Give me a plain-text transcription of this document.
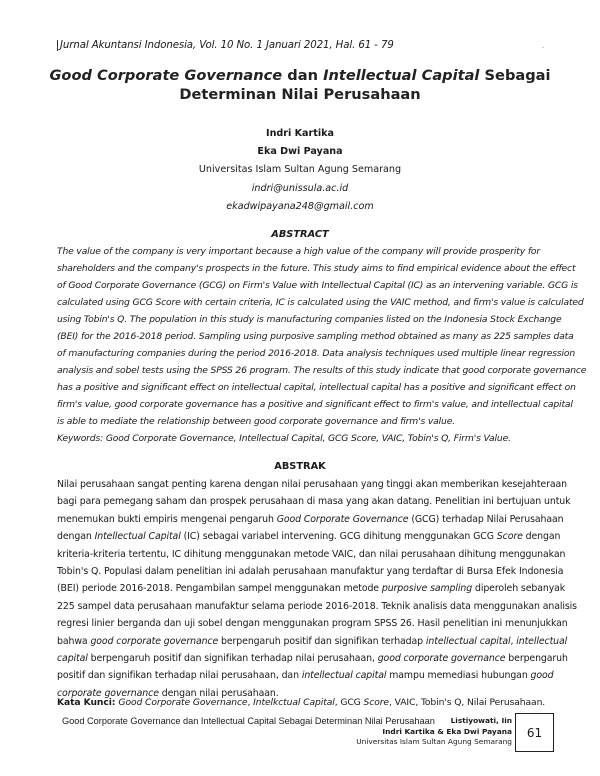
Jurnal Akuntansi Indonesia, Vol. 10 No. 1 Januari 2021, Hal. 61 - 79	.
Good Corporate Governance dan Intellectual Capital Sebagai
Determinan Nilai Perusahaan
Indri Kartika
Eka Dwi Payana
Universitas Islam Sultan Agung Semarang
indri@unissula.ac.id
ekadwipayana248@gmail.com
ABSTRACT
The value of the company is very important because a high value of the company will provide prosperity for
shareholders and the company's prospects in the future. This study aims to find empirical evidence about the effect
of Good Corporate Governance (GCG) on Firm's Value with Intellectual Capital (IC) as an intervening variable. GCG is
calculated using GCG Score with certain criteria, IC is calculated using the VAIC method, and firm's value is calculated
using Tobin's Q. The population in this study is manufacturing companies listed on the Indonesia Stock Exchange
(BEI) for the 2016-2018 period. Sampling using purposive sampling method obtained as many as 225 samples data
of manufacturing companies during the period 2016-2018. Data analysis techniques used multiple linear regression
analysis and sobel tests using the SPSS 26 program. The results of this study indicate that good corporate governance
has a positive and significant effect on intellectual capital, intellectual capital has a positive and significant effect on
firm's value, good corporate governance has a positive and significant effect to firm's value, and intellectual capital
is able to mediate the relationship between good corporate governance and firm's value.
Keywords: Good Corporate Governance, Intellectual Capital, GCG Score, VAIC, Tobin's Q, Firm's Value.
ABSTRAK
Nilai perusahaan sangat penting karena dengan nilai perusahaan yang tinggi akan memberikan kesejahteraan
bagi para pemegang saham dan prospek perusahaan di masa yang akan datang. Penelitian ini bertujuan untuk
menemukan bukti empiris mengenai pengaruh Good Corporate Governance (GCG) terhadap Nilai Perusahaan
dengan Intellectual Capital (IC) sebagai variabel intervening. GCG dihitung menggunakan GCG Score dengan
kriteria-kriteria tertentu, IC dihitung menggunakan metode VAIC, dan nilai perusahaan dihitung menggunakan
Tobin's Q. Populasi dalam penelitian ini adalah perusahaan manufaktur yang terdaftar di Bursa Efek Indonesia
(BEI) periode 2016-2018. Pengambilan sampel menggunakan metode purposive sampling diperoleh sebanyak
225 sampel data perusahaan manufaktur selama periode 2016-2018. Teknik analisis data menggunakan analisis
regresi linier berganda dan uji sobel dengan menggunakan program SPSS 26. Hasil penelitian ini menunjukkan
bahwa good corporate governance berpengaruh positif dan signifikan terhadap intellectual capital, intellectual
capital berpengaruh positif dan signifikan terhadap nilai perusahaan, good corporate governance berpengaruh
positif dan signifikan terhadap nilai perusahaan, dan intellectual capital mampu memediasi hubungan good
corporate governance dengan nilai perusahaan.
Kata Kunci: Good Corporate Governance, Intelkctual Capital, GCG Score, VAIC, Tobin's Q, Nilai Perusahaan.
Good Corporate Governance dan Intellectual Capital Sebagai Determinan Nilai Perusahaan	Listiyowati, Iin
Indri Kartika & Eka Dwi Payana
Universitas Islam Sultan Agung Semarang
61
